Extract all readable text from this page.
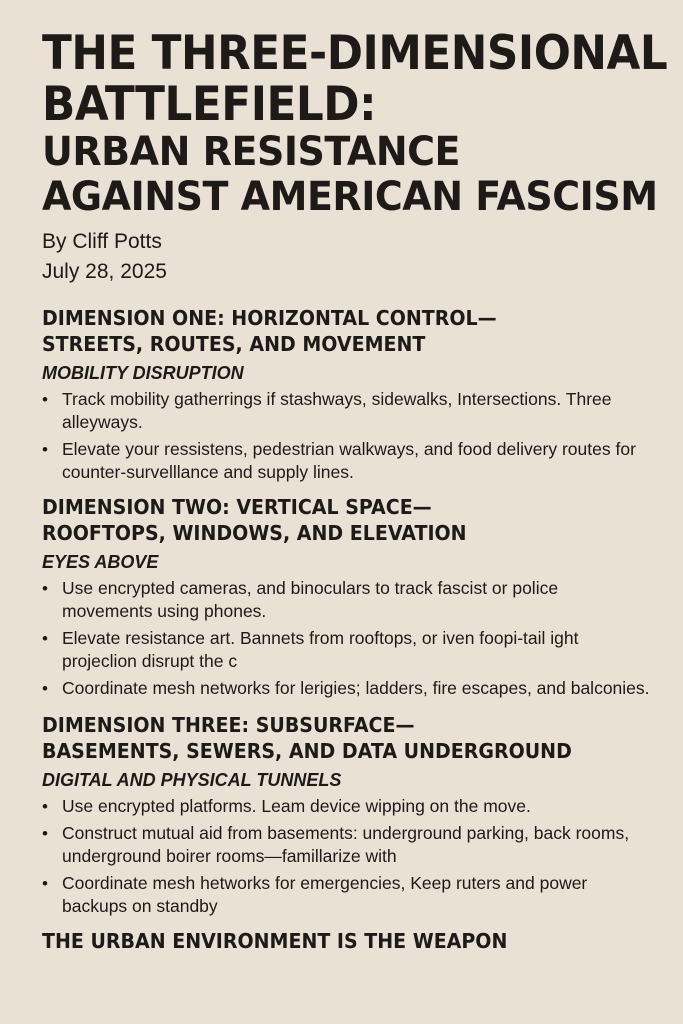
THE THREE-DIMENSIONAL
BATTLEFIELD:
URBAN RESISTANCE
AGAINST AMERICAN FASCISM
By Cliff Potts
July 28, 2025
DIMENSION ONE: HORIZONTAL CONTROL—
STREETS, ROUTES, AND MOVEMENT
MOBILITY DISRUPTION
• Track mobility gatherrings if stashways, sidewalks, Intersections. Three alleyways.
• Elevate your ressistens, pedestrian walkways, and food delivery routes for counter-survelllance and supply lines.
DIMENSION TWO: VERTICAL SPACE—
ROOFTOPS, WINDOWS, AND ELEVATION
EYES ABOVE
• Use encrypted cameras, and binoculars to track fascist or police movements using phones.
• Elevate resistance art. Bannets from rooftops, or iven foopi-tail ight projeclion disrupt the c
• Coordinate mesh networks for lerigies; ladders, fire escapes, and balconies.
DIMENSION THREE: SUBSURFACE—
BASEMENTS, SEWERS, AND DATA UNDERGROUND
DIGITAL AND PHYSICAL TUNNELS
• Use encrypted platforms. Leam device wipping on the move.
• Construct mutual aid from basements: underground parking, back rooms, underground boirer rooms—famillarize with
• Coordinate mesh hetworks for emergencies, Keep ruters and power backups on standby
THE URBAN ENVIRONMENT IS THE WEAPON
